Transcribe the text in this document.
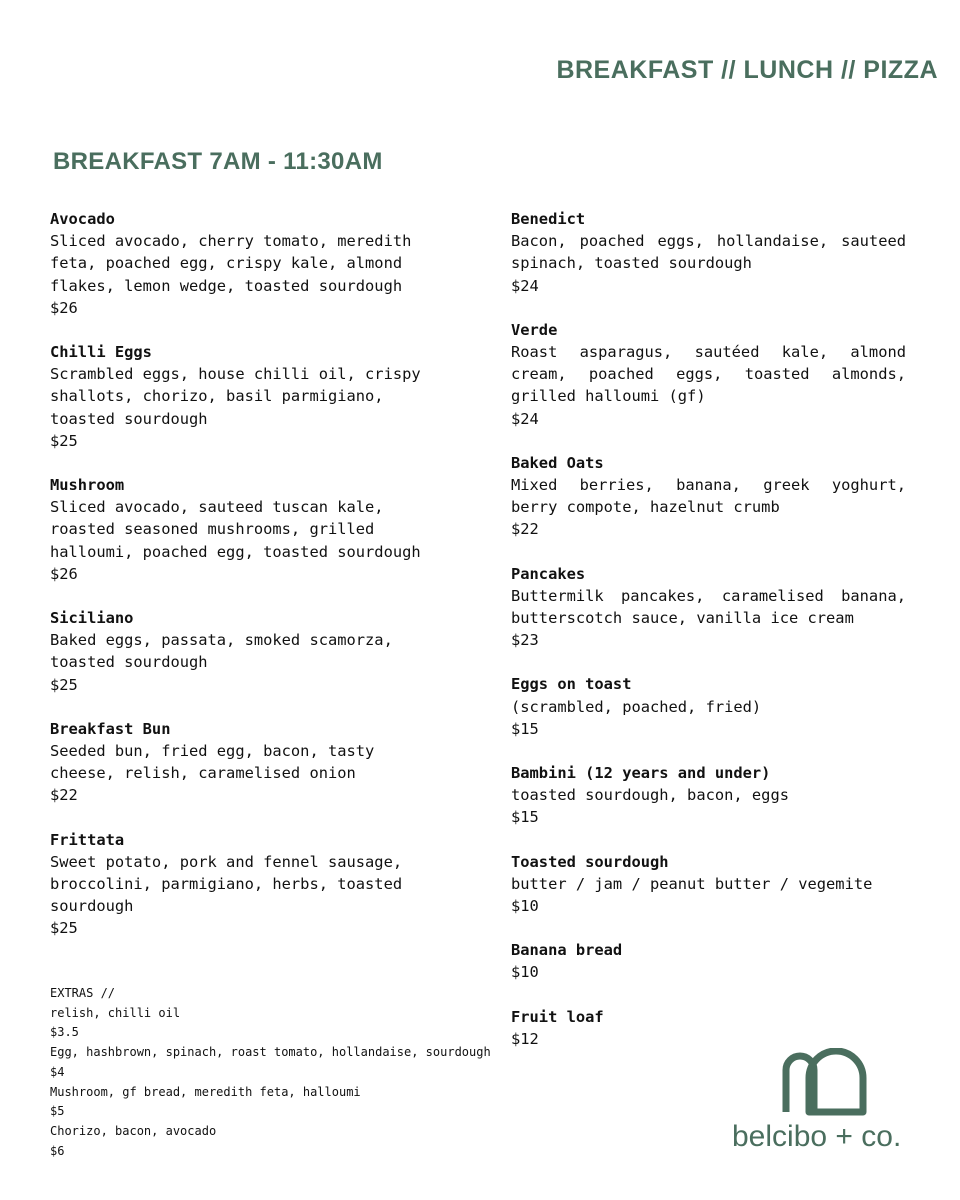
BREAKFAST // LUNCH // PIZZA
BREAKFAST 7AM - 11:30AM
Avocado
Sliced avocado, cherry tomato, meredith feta, poached egg, crispy kale, almond flakes, lemon wedge, toasted sourdough
$26
Chilli Eggs
Scrambled eggs, house chilli oil, crispy shallots, chorizo, basil parmigiano, toasted sourdough
$25
Mushroom
Sliced avocado, sauteed tuscan kale, roasted seasoned mushrooms, grilled halloumi, poached egg, toasted sourdough
$26
Siciliano
Baked eggs, passata, smoked scamorza, toasted sourdough
$25
Breakfast Bun
Seeded bun, fried egg, bacon, tasty cheese, relish, caramelised onion
$22
Frittata
Sweet potato, pork and fennel sausage, broccolini, parmigiano, herbs, toasted sourdough
$25
Benedict
Bacon, poached eggs, hollandaise, sauteed spinach, toasted sourdough
$24
Verde
Roast asparagus, sautéed kale, almond cream, poached eggs, toasted almonds, grilled halloumi (gf)
$24
Baked Oats
Mixed berries, banana, greek yoghurt, berry compote, hazelnut crumb
$22
Pancakes
Buttermilk pancakes, caramelised banana, butterscotch sauce, vanilla ice cream
$23
Eggs on toast
(scrambled, poached, fried)
$15
Bambini (12 years and under)
toasted sourdough, bacon, eggs
$15
Toasted sourdough
butter / jam / peanut butter / vegemite
$10
Banana bread
$10
Fruit loaf
$12
EXTRAS //
relish, chilli oil
$3.5
Egg, hashbrown, spinach, roast tomato, hollandaise, sourdough
$4
Mushroom, gf bread, meredith feta, halloumi
$5
Chorizo, bacon, avocado
$6	belcibo + co.
